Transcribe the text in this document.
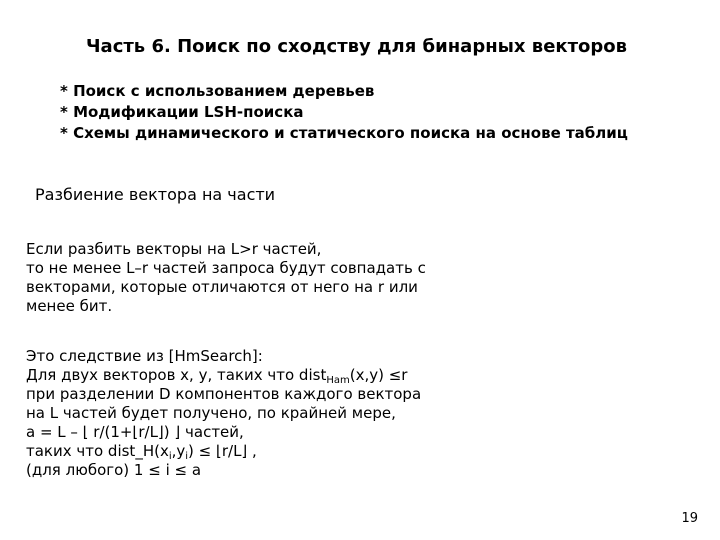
Часть 6. Поиск по сходству для бинарных векторов
* Поиск с использованием деревьев
* Модификации LSH-поиска
* Схемы динамического и статического поиска на основе таблиц
Разбиение вектора на части
Если разбить векторы на L>r частей,
то не менее L–r частей запроса будут совпадать с
векторами, которые отличаются от него на r или
менее бит.
Это следствие из [HmSearch]:
Для двух векторов x, y, таких что dist$_{Ham}$(x,y) ≤r
при разделении D компонентов каждого вектора
на L частей будет получено, по крайней мере,
a = L – ⌊ r/(1+⌊r/L⌋) ⌋ частей,
таких что $dist\_H(x_i,y_i)$ ≤ ⌊r/L⌋ ,
(для любого) 1 ≤ i ≤ a
19
